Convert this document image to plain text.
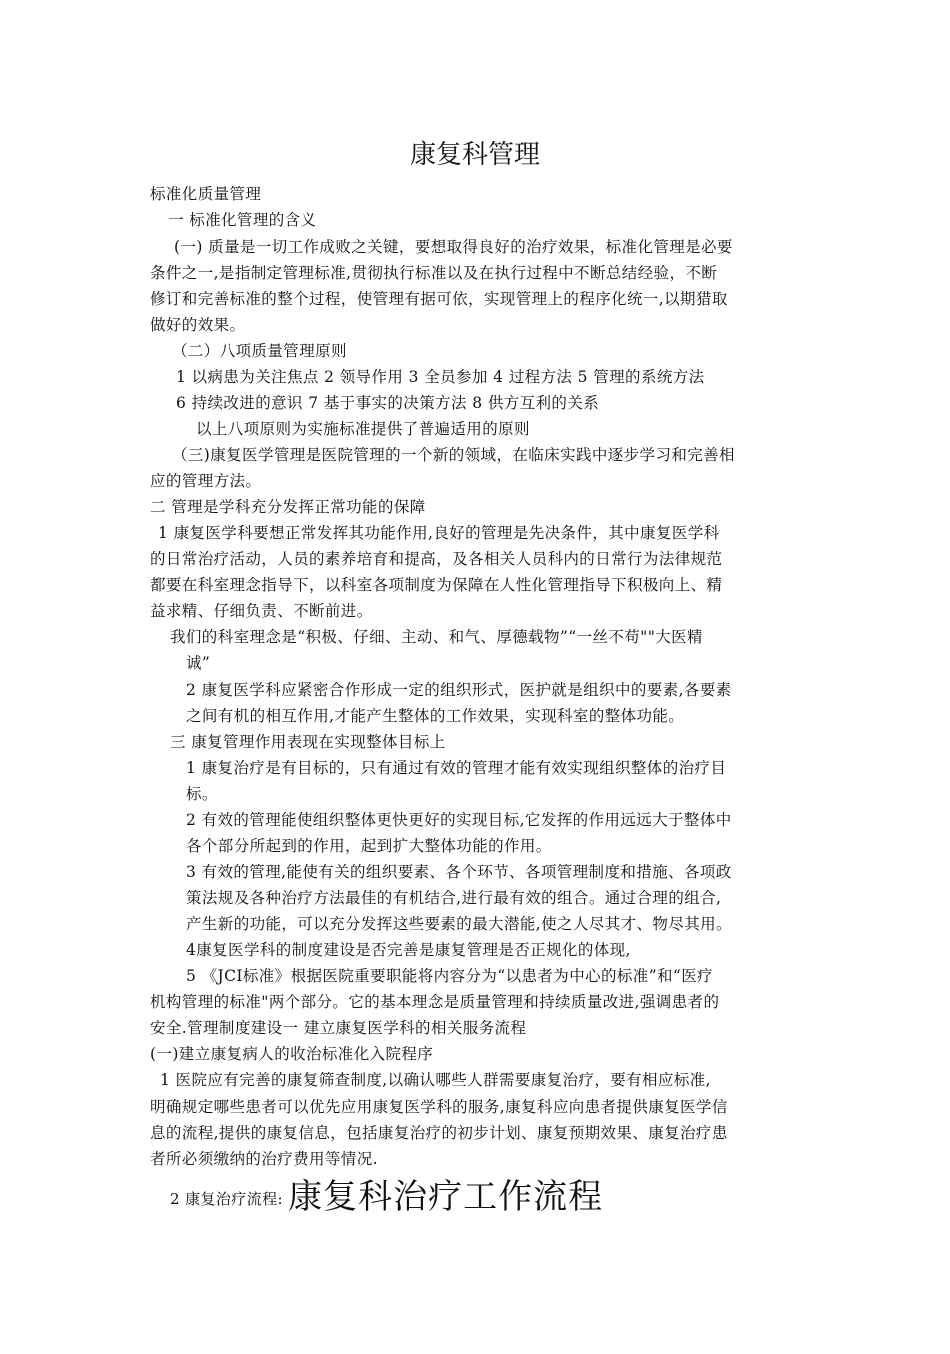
康复科管理
标准化质量管理
一 标准化管理的含义
(一) 质量是一切工作成败之关键，要想取得良好的治疗效果，标准化管理是必要
条件之一,是指制定管理标准,贯彻执行标准以及在执行过程中不断总结经验，不断
修订和完善标准的整个过程，使管理有据可依，实现管理上的程序化统一,以期猎取
做好的效果。
（二）八项质量管理原则
1 以病患为关注焦点 2 领导作用 3 全员参加 4 过程方法 5 管理的系统方法
6 持续改进的意识 7 基于事实的决策方法 8 供方互利的关系
以上八项原则为实施标准提供了普遍适用的原则
（三)康复医学管理是医院管理的一个新的领域，在临床实践中逐步学习和完善相
应的管理方法。
二 管理是学科充分发挥正常功能的保障
1 康复医学科要想正常发挥其功能作用,良好的管理是先决条件，其中康复医学科
的日常治疗活动，人员的素养培育和提高，及各相关人员科内的日常行为法律规范
都要在科室理念指导下，以科室各项制度为保障在人性化管理指导下积极向上、精
益求精、仔细负责、不断前进。
我们的科室理念是“积极、仔细、主动、和气、厚德载物”“一丝不苟""大医精
诚”
2 康复医学科应紧密合作形成一定的组织形式，医护就是组织中的要素,各要素
之间有机的相互作用,才能产生整体的工作效果，实现科室的整体功能。
三 康复管理作用表现在实现整体目标上
1 康复治疗是有目标的，只有通过有效的管理才能有效实现组织整体的治疗目
标。
2 有效的管理能使组织整体更快更好的实现目标,它发挥的作用远远大于整体中
各个部分所起到的作用，起到扩大整体功能的作用。
3 有效的管理,能使有关的组织要素、各个环节、各项管理制度和措施、各项政
策法规及各种治疗方法最佳的有机结合,进行最有效的组合。通过合理的组合,
产生新的功能，可以充分发挥这些要素的最大潜能,使之人尽其才、物尽其用。
4康复医学科的制度建设是否完善是康复管理是否正规化的体现,
5 《JCI标准》根据医院重要职能将内容分为“以患者为中心的标准”和“医疗
机构管理的标准"两个部分。它的基本理念是质量管理和持续质量改进,强调患者的
安全.管理制度建设一 建立康复医学科的相关服务流程
(一)建立康复病人的收治标准化入院程序
1 医院应有完善的康复筛查制度,以确认哪些人群需要康复治疗，要有相应标准,
明确规定哪些患者可以优先应用康复医学科的服务,康复科应向患者提供康复医学信
息的流程,提供的康复信息，包括康复治疗的初步计划、康复预期效果、康复治疗患
者所必须缴纳的治疗费用等情况.
2 康复治疗流程: 康复科治疗工作流程
